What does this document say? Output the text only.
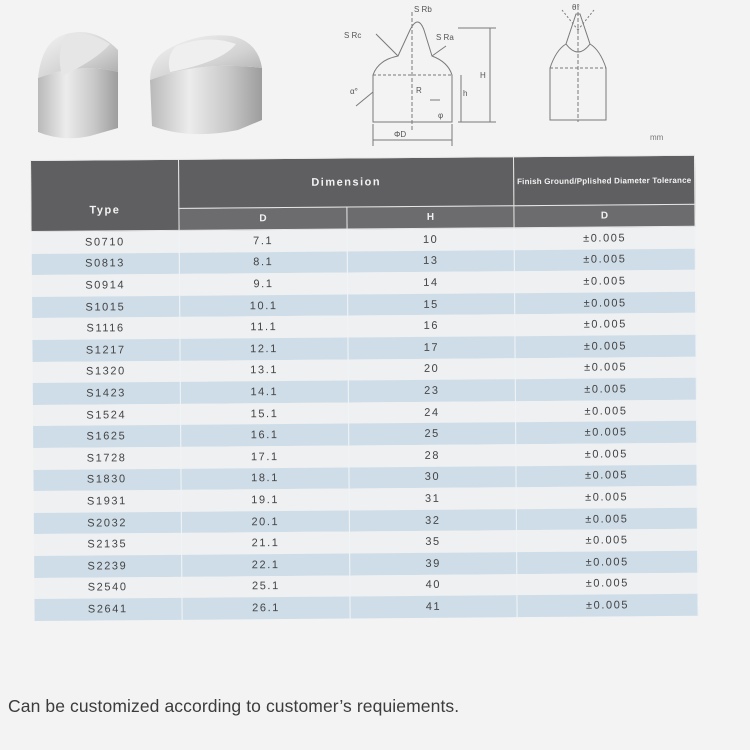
S Rb
S Rc	S Ra
α°	R	h
H
φ
ΦD
θ°
mm
Type	Dimension		Finish Ground/Pplished Diameter Tolerance
	D	H	D
S0710	7.1	10	±0.005
S0813	8.1	13	±0.005
S0914	9.1	14	±0.005
S1015	10.1	15	±0.005
S1116	11.1	16	±0.005
S1217	12.1	17	±0.005
S1320	13.1	20	±0.005
S1423	14.1	23	±0.005
S1524	15.1	24	±0.005
S1625	16.1	25	±0.005
S1728	17.1	28	±0.005
S1830	18.1	30	±0.005
S1931	19.1	31	±0.005
S2032	20.1	32	±0.005
S2135	21.1	35	±0.005
S2239	22.1	39	±0.005
S2540	25.1	40	±0.005
S2641	26.1	41	±0.005
Can be customized according to customer’s requiements.
